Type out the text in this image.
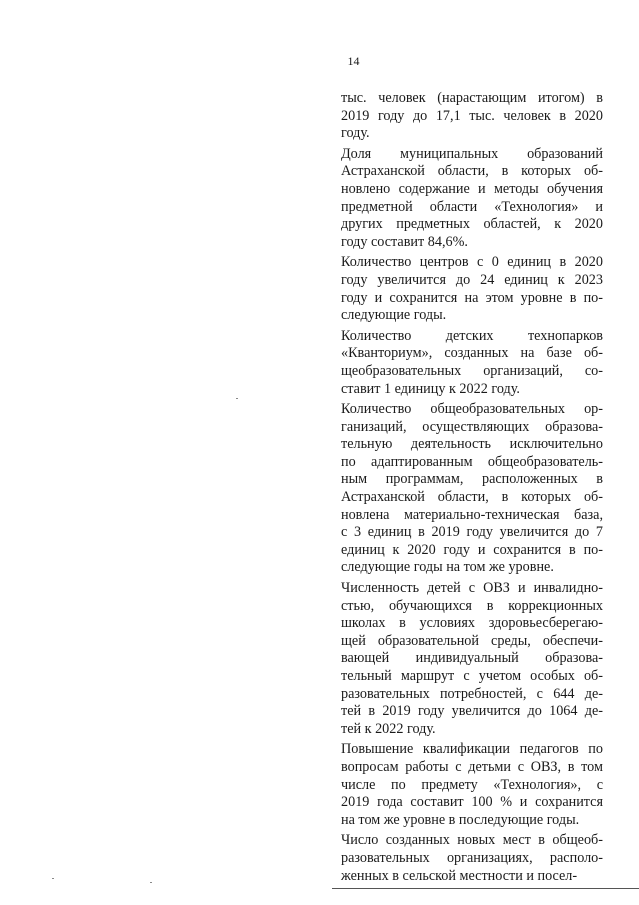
14
тыс. человек (нарастающим итогом) в
2019 году до 17,1 тыс. человек в 2020
году.
Доля муниципальных образований
Астраханской области, в которых об-
новлено содержание и методы обучения
предметной области «Технология» и
других предметных областей, к 2020
году составит 84,6%.
Количество центров с 0 единиц в 2020
году увеличится до 24 единиц к 2023
году и сохранится на этом уровне в по-
следующие годы.
Количество детских технопарков
«Кванториум», созданных на базе об-
щеобразовательных организаций, со-
ставит 1 единицу к 2022 году.
Количество общеобразовательных ор-
ганизаций, осуществляющих образова-
тельную деятельность исключительно
по адаптированным общеобразователь-
ным программам, расположенных в
Астраханской области, в которых об-
новлена материально-техническая база,
с 3 единиц в 2019 году увеличится до 7
единиц к 2020 году и сохранится в по-
следующие годы на том же уровне.
Численность детей с ОВЗ и инвалидно-
стью, обучающихся в коррекционных
школах в условиях здоровьесберегаю-
щей образовательной среды, обеспечи-
вающей индивидуальный образова-
тельный маршрут с учетом особых об-
разовательных потребностей, с 644 де-
тей в 2019 году увеличится до 1064 де-
тей к 2022 году.
Повышение квалификации педагогов по
вопросам работы с детьми с ОВЗ, в том
числе по предмету «Технология», с
2019 года составит 100 % и сохранится
на том же уровне в последующие годы.
Число созданных новых мест в общеоб-
разовательных организациях, располо-
женных в сельской местности и посел-
